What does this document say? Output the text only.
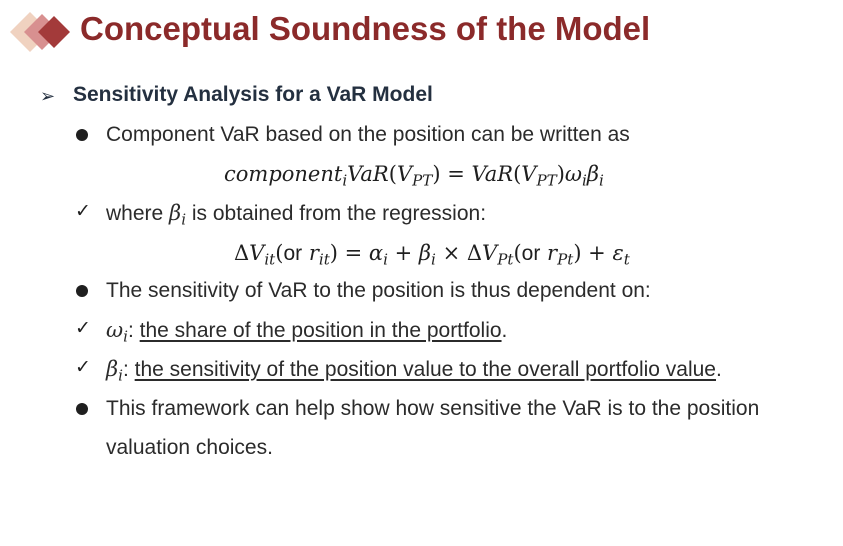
Conceptual Soundness of the Model
➢ Sensitivity Analysis for a VaR Model
Component VaR based on the position can be written as
$component_iVaR(V_{PT}) = VaR(V_{PT})\omega_i\beta_i$
✓ where $\beta_i$ is obtained from the regression:
$\Delta V_{it}(or$ $r_{it}) = \alpha_i + \beta_i \times \Delta V_{Pt}(or$ $r_{Pt}) + \varepsilon_t$
The sensitivity of VaR to the position is thus dependent on:
✓ $\omega_i$: the share of the position in the portfolio.
✓ $\beta_i$: the sensitivity of the position value to the overall portfolio value.
This framework can help show how sensitive the VaR is to the position
valuation choices.
